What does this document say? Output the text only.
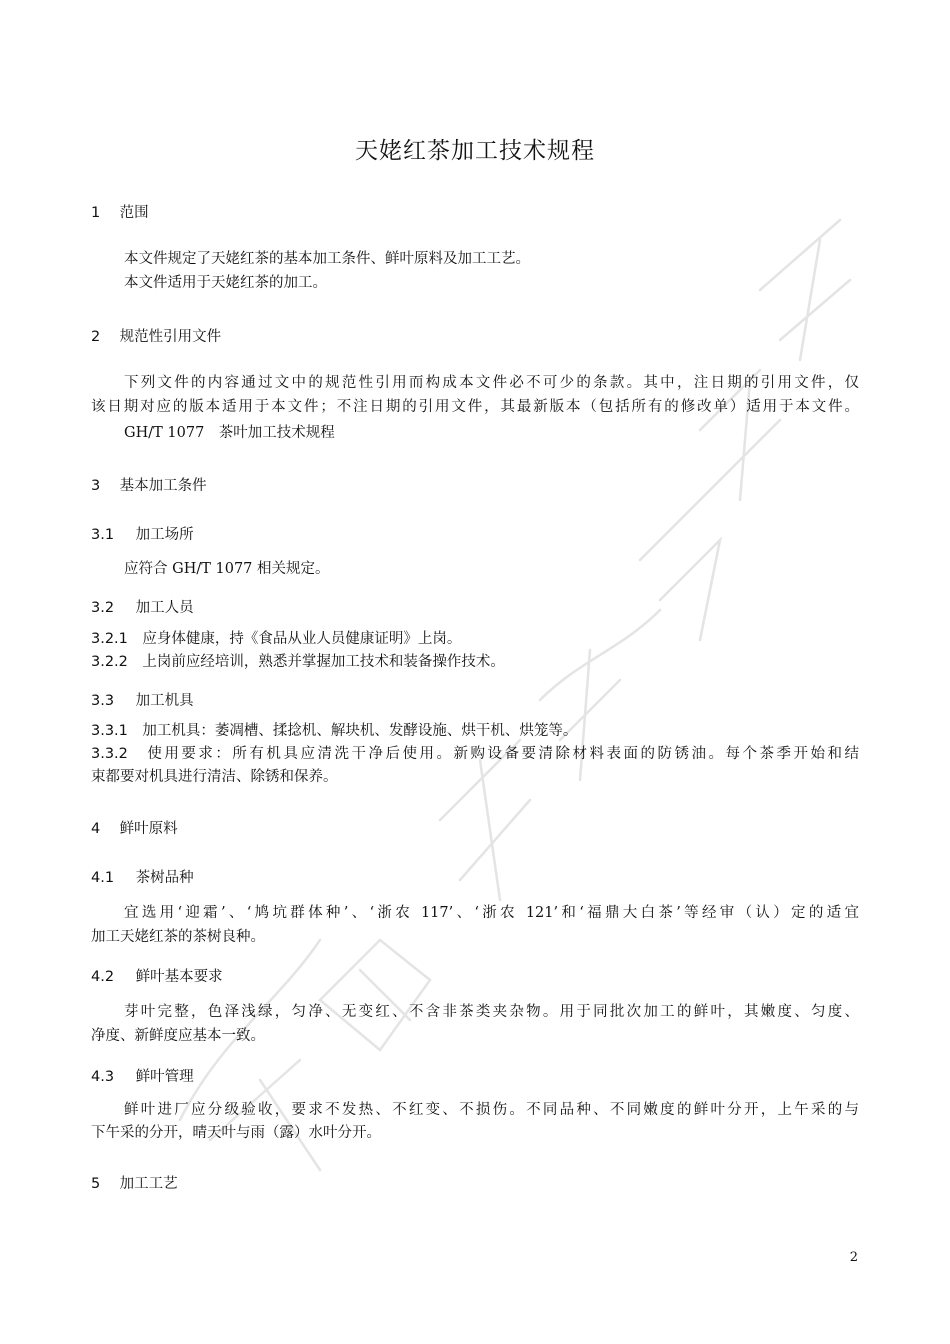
天姥红茶加工技术规程
1 范围
本文件规定了天姥红茶的基本加工条件、鲜叶原料及加工工艺。
本文件适用于天姥红茶的加工。
2 规范性引用文件
下列文件的内容通过文中的规范性引用而构成本文件必不可少的条款。其中，注日期的引用文件，仅
该日期对应的版本适用于本文件；不注日期的引用文件，其最新版本（包括所有的修改单）适用于本文件。
GH/T 1077　茶叶加工技术规程
3 基本加工条件
3.1 加工场所
应符合 GH/T 1077 相关规定。
3.2 加工人员
3.2.1　 应身体健康，持《食品从业人员健康证明》上岗。
3.2.2　 上岗前应经培训，熟悉并掌握加工技术和装备操作技术。
3.3 加工机具
3.3.1　 加工机具：萎凋槽、揉捻机、解块机、发酵设施、烘干机、烘笼等。
3.3.2　 使用要求：所有机具应清洗干净后使用。新购设备要清除材料表面的防锈油。每个茶季开始和结
束都要对机具进行清洁、除锈和保养。
4 鲜叶原料
4.1 茶树品种
宜选用‘迎霜’、‘鸠坑群体种’、‘浙农 117’、‘浙农 121’和‘福鼎大白茶’等经审（认）定的适宜
加工天姥红茶的茶树良种。
4.2 鲜叶基本要求
芽叶完整，色泽浅绿，匀净、无变红、不含非茶类夹杂物。用于同批次加工的鲜叶，其嫩度、匀度、
净度、新鲜度应基本一致。
4.3 鲜叶管理
鲜叶进厂应分级验收，要求不发热、不红变、不损伤。不同品种、不同嫩度的鲜叶分开，上午采的与
下午采的分开，晴天叶与雨（露）水叶分开。
5 加工工艺
2
